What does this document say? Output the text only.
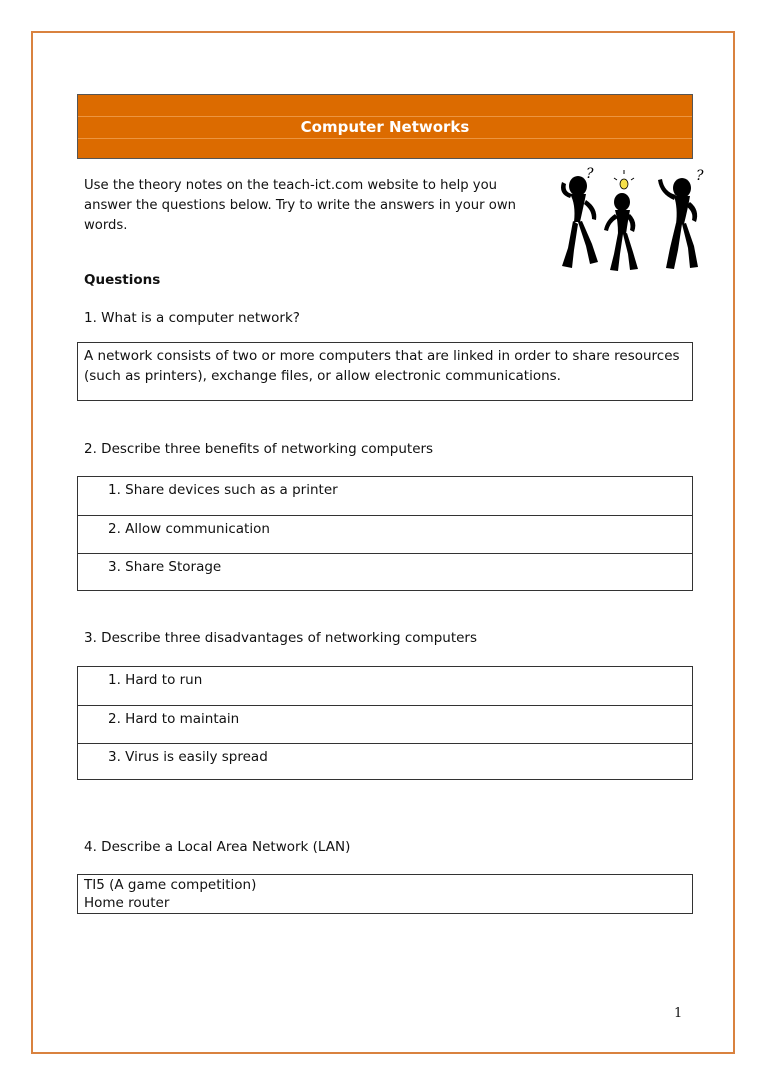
Computer Networks
Use the theory notes on the teach-ict.com website to help you answer the questions below. Try to write the answers in your own words.
?	?
Questions
1. What is a computer network?
A network consists of two or more computers that are linked in order to share resources (such as printers), exchange files, or allow electronic communications.
2. Describe three benefits of networking computers
1. Share devices such as a printer
2. Allow communication
3. Share Storage
3. Describe three disadvantages of networking computers
1. Hard to run
2. Hard to maintain
3. Virus is easily spread
4. Describe a Local Area Network (LAN)
TI5 (A game competition)
Home router
1
